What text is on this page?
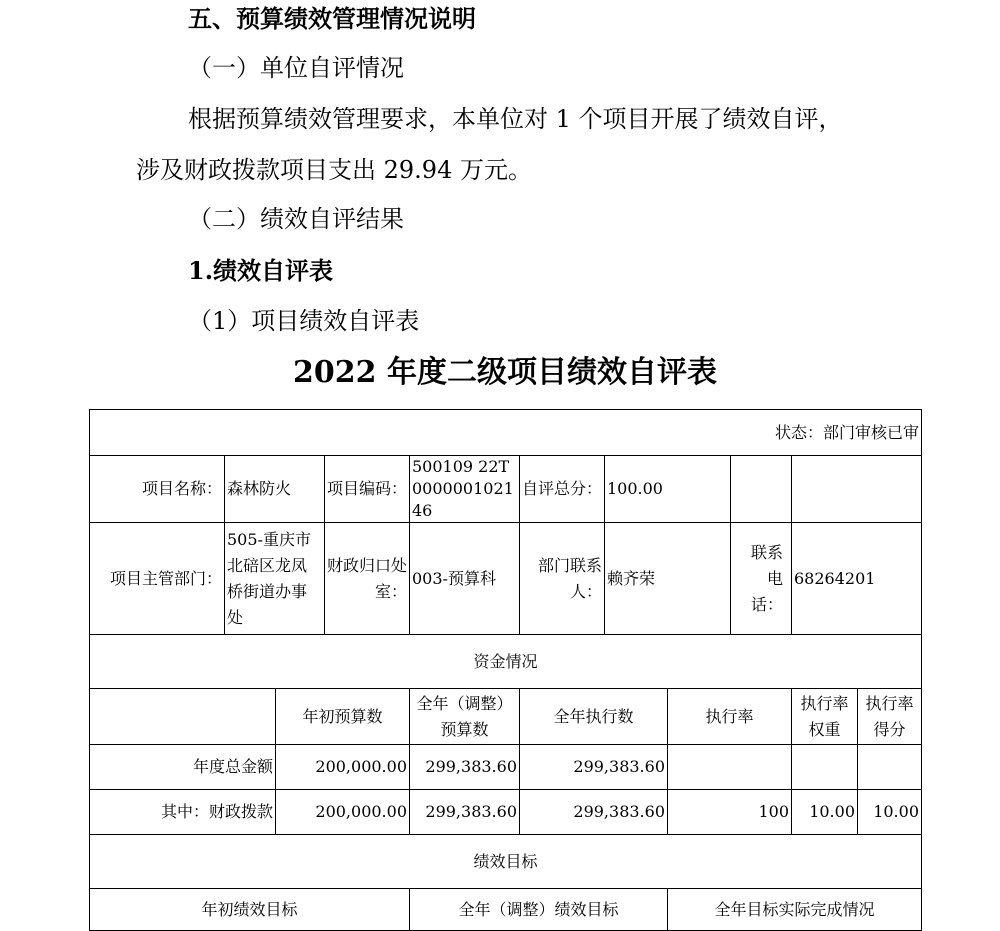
五、预算绩效管理情况说明
（一）单位自评情况
根据预算绩效管理要求，本单位对 1 个项目开展了绩效自评，
涉及财政拨款项目支出 29.94 万元。
（二）绩效自评结果
1.绩效自评表
（1）项目绩效自评表
2022 年度二级项目绩效自评表
状态：部门审核已审										
项目名称：	森林防火		项目编码：	500109 22T000000102146	自评总分：	100.00				
项目主管部门：	505-重庆市北碚区龙凤桥街道办事处		财政归口处室：	003-预算科	部门联系人：	赖齐荣		联系电话：	68264201	
资金情况										
		年初预算数		全年（调整）预算数	全年执行数		执行率		执行率权重	执行率得分
年度总金额		200,000.00		299,383.60	299,383.60					
其中：财政拨款		200,000.00		299,383.60	299,383.60		100		10.00	10.00
绩效目标										
年初绩效目标				全年（调整）绩效目标			全年目标实际完成情况			
